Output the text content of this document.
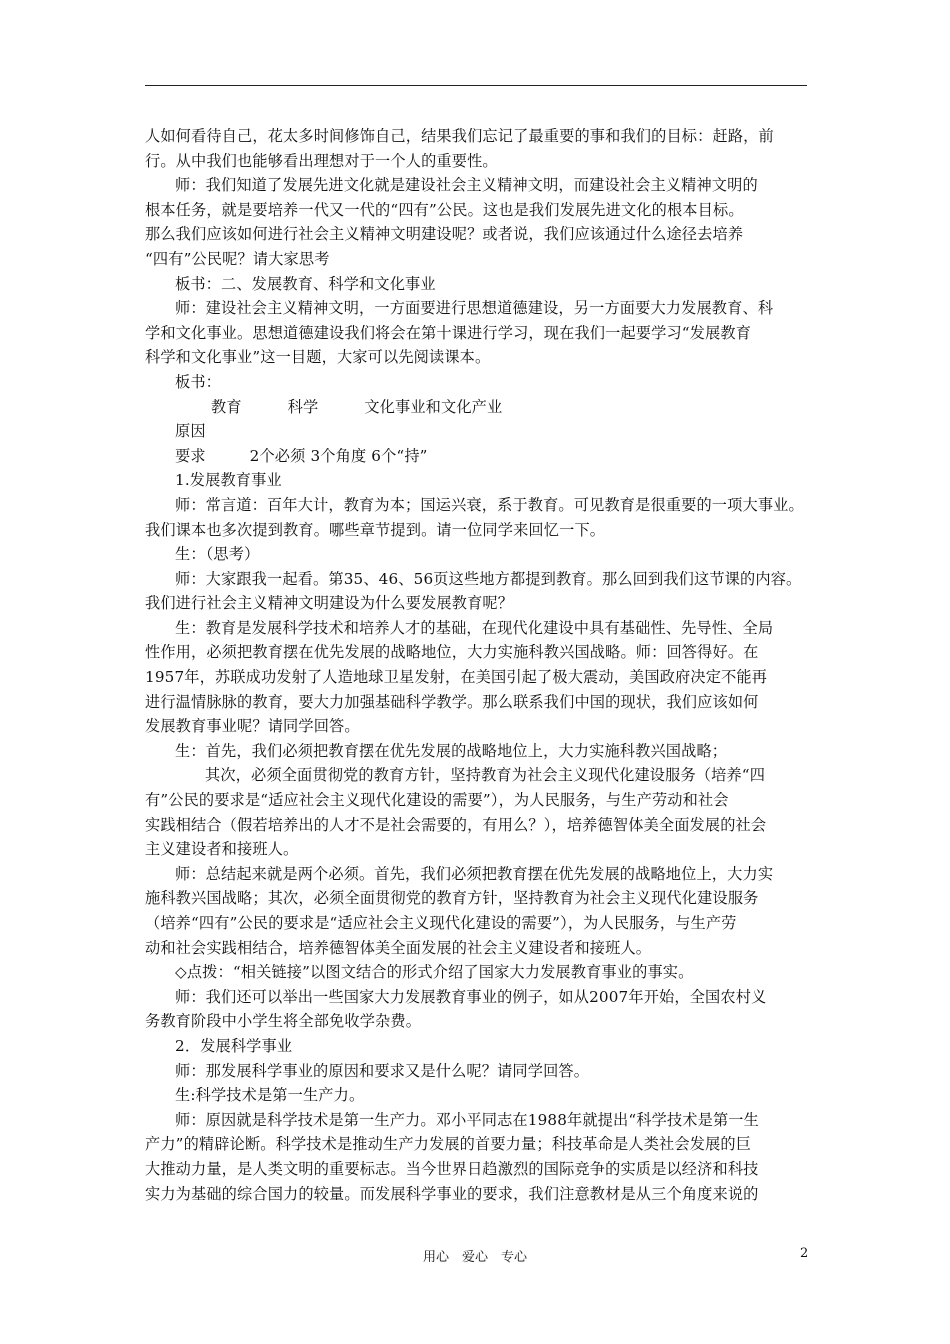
人如何看待自己，花太多时间修饰自己，结果我们忘记了最重要的事和我们的目标：赶路，前
行。从中我们也能够看出理想对于一个人的重要性。
师：我们知道了发展先进文化就是建设社会主义精神文明，而建设社会主义精神文明的
根本任务，就是要培养一代又一代的“四有”公民。这也是我们发展先进文化的根本目标。
那么我们应该如何进行社会主义精神文明建设呢？或者说，我们应该通过什么途径去培养
“四有”公民呢？请大家思考
板书：二、发展教育、科学和文化事业
师：建设社会主义精神文明，一方面要进行思想道德建设，另一方面要大力发展教育、科
学和文化事业。思想道德建设我们将会在第十课进行学习，现在我们一起要学习“发展教育
科学和文化事业”这一目题，大家可以先阅读课本。
板书：
教育	科学	文化事业和文化产业
原因
要求	2个必须 3个角度 6个“持”
1.发展教育事业
师：常言道：百年大计，教育为本；国运兴衰，系于教育。可见教育是很重要的一项大事业。
我们课本也多次提到教育。哪些章节提到。请一位同学来回忆一下。
生：（思考）
师：大家跟我一起看。第35、46、56页这些地方都提到教育。那么回到我们这节课的内容。
我们进行社会主义精神文明建设为什么要发展教育呢？
生：教育是发展科学技术和培养人才的基础，在现代化建设中具有基础性、先导性、全局
性作用，必须把教育摆在优先发展的战略地位，大力实施科教兴国战略。师：回答得好。在
1957年，苏联成功发射了人造地球卫星发射，在美国引起了极大震动，美国政府决定不能再
进行温情脉脉的教育，要大力加强基础科学教学。那么联系我们中国的现状，我们应该如何
发展教育事业呢？请同学回答。
生：首先，我们必须把教育摆在优先发展的战略地位上，大力实施科教兴国战略；
其次，必须全面贯彻党的教育方针，坚持教育为社会主义现代化建设服务（培养“四
有”公民的要求是“适应社会主义现代化建设的需要”），为人民服务，与生产劳动和社会
实践相结合（假若培养出的人才不是社会需要的，有用么？），培养德智体美全面发展的社会
主义建设者和接班人。
师：总结起来就是两个必须。首先，我们必须把教育摆在优先发展的战略地位上，大力实
施科教兴国战略；其次，必须全面贯彻党的教育方针，坚持教育为社会主义现代化建设服务
（培养“四有”公民的要求是“适应社会主义现代化建设的需要”），为人民服务，与生产劳
动和社会实践相结合，培养德智体美全面发展的社会主义建设者和接班人。
◇点拨：“相关链接”以图文结合的形式介绍了国家大力发展教育事业的事实。
师：我们还可以举出一些国家大力发展教育事业的例子，如从2007年开始，全国农村义
务教育阶段中小学生将全部免收学杂费。
2．发展科学事业
师：那发展科学事业的原因和要求又是什么呢？请同学回答。
生:科学技术是第一生产力。
师：原因就是科学技术是第一生产力。邓小平同志在1988年就提出“科学技术是第一生
产力”的精辟论断。科学技术是推动生产力发展的首要力量；科技革命是人类社会发展的巨
大推动力量，是人类文明的重要标志。当今世界日趋激烈的国际竞争的实质是以经济和科技
实力为基础的综合国力的较量。而发展科学事业的要求，我们注意教材是从三个角度来说的
用心　爱心　专心	2
